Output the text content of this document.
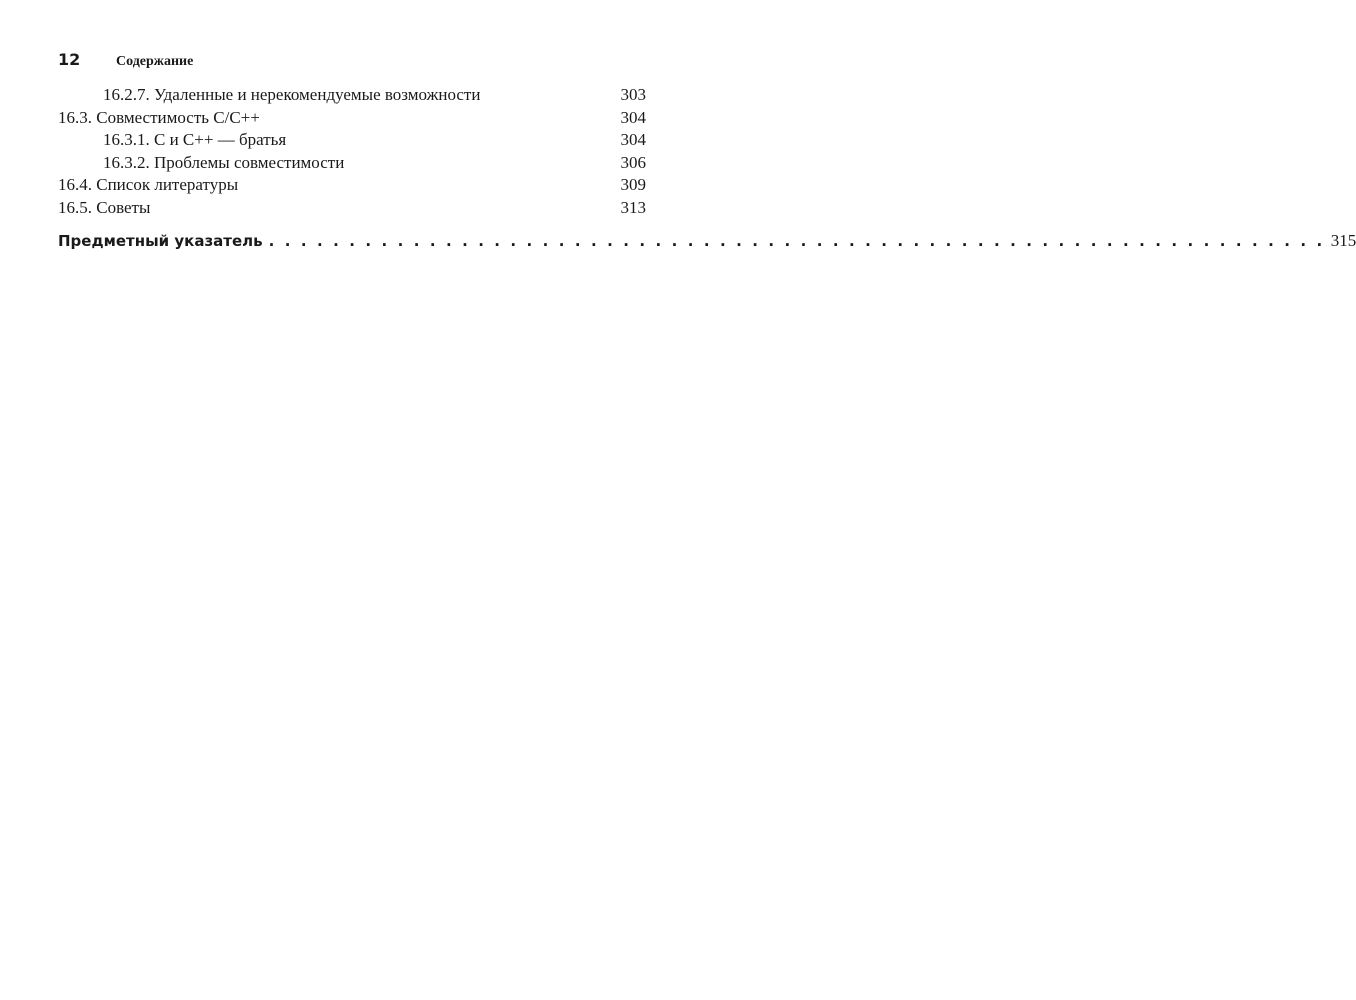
12	Содержание
16.2.7. Удаленные и нерекомендуемые возможности	303
16.3. Совместимость C/C++	304
16.3.1. C и C++ — братья	304
16.3.2. Проблемы совместимости	306
16.4. Список литературы	309
16.5. Советы	313
Предметный указатель . . . . . . . . . . . . . . . . . . . . . . . . . . . . . . . . . . . . . . . . . . . . . . . . . . . . . . . . . . . . . . . . . . 315
